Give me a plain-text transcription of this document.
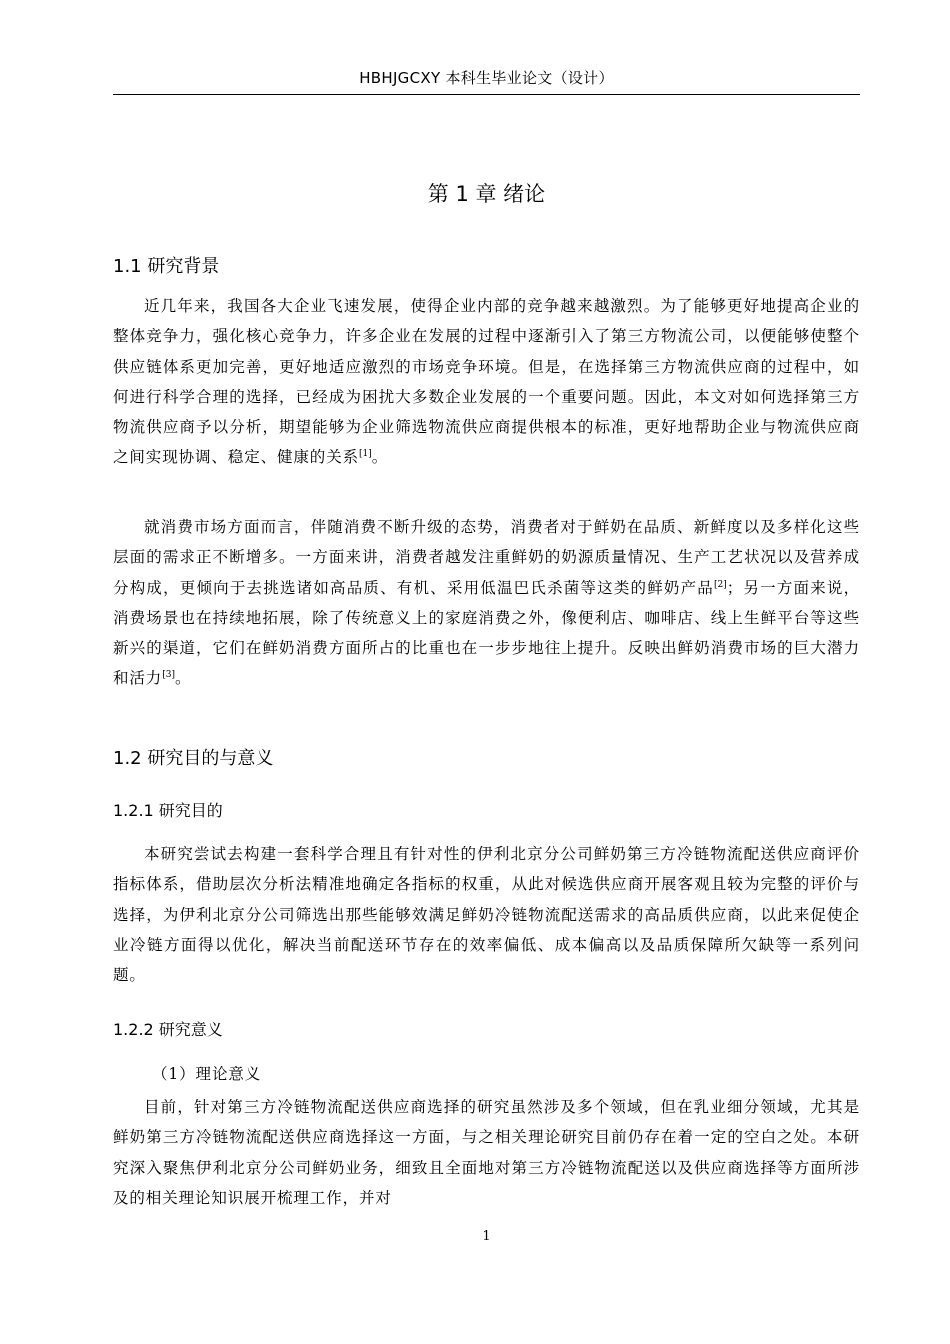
HBHJGCXY 本科生毕业论文（设计）
第 1 章 绪论
1.1 研究背景

近几年来，我国各大企业飞速发展，使得企业内部的竞争越来越激烈。为了能够更好地提高企业的整体竞争力，强化核心竞争力，许多企业在发展的过程中逐渐引入了第三方物流公司，以便能够使整个供应链体系更加完善，更好地适应激烈的市场竞争环境。但是，在选择第三方物流供应商的过程中，如何进行科学合理的选择，已经成为困扰大多数企业发展的一个重要问题。因此，本文对如何选择第三方物流供应商予以分析，期望能够为企业筛选物流供应商提供根本的标准，更好地帮助企业与物流供应商之间实现协调、稳定、健康的关系[1]。

就消费市场方面而言，伴随消费不断升级的态势，消费者对于鲜奶在品质、新鲜度以及多样化这些层面的需求正不断增多。一方面来讲，消费者越发注重鲜奶的奶源质量情况、生产工艺状况以及营养成分构成，更倾向于去挑选诸如高品质、有机、采用低温巴氏杀菌等这类的鲜奶产品[2]；另一方面来说，消费场景也在持续地拓展，除了传统意义上的家庭消费之外，像便利店、咖啡店、线上生鲜平台等这些新兴的渠道，它们在鲜奶消费方面所占的比重也在一步步地往上提升。反映出鲜奶消费市场的巨大潜力和活力[3]。

1.2 研究目的与意义
1.2.1 研究目的

本研究尝试去构建一套科学合理且有针对性的伊利北京分公司鲜奶第三方冷链物流配送供应商评价指标体系，借助层次分析法精准地确定各指标的权重，从此对候选供应商开展客观且较为完整的评价与选择，为伊利北京分公司筛选出那些能够效满足鲜奶冷链物流配送需求的高品质供应商，以此来促使企业冷链方面得以优化，解决当前配送环节存在的效率偏低、成本偏高以及品质保障所欠缺等一系列问题。

1.2.2 研究意义
（1）理论意义

目前，针对第三方冷链物流配送供应商选择的研究虽然涉及多个领域，但在乳业细分领域，尤其是鲜奶第三方冷链物流配送供应商选择这一方面，与之相关理论研究目前仍存在着一定的空白之处。本研究深入聚焦伊利北京分公司鲜奶业务，细致且全面地对第三方冷链物流配送以及供应商选择等方面所涉及的相关理论知识展开梳理工作，并对

1
